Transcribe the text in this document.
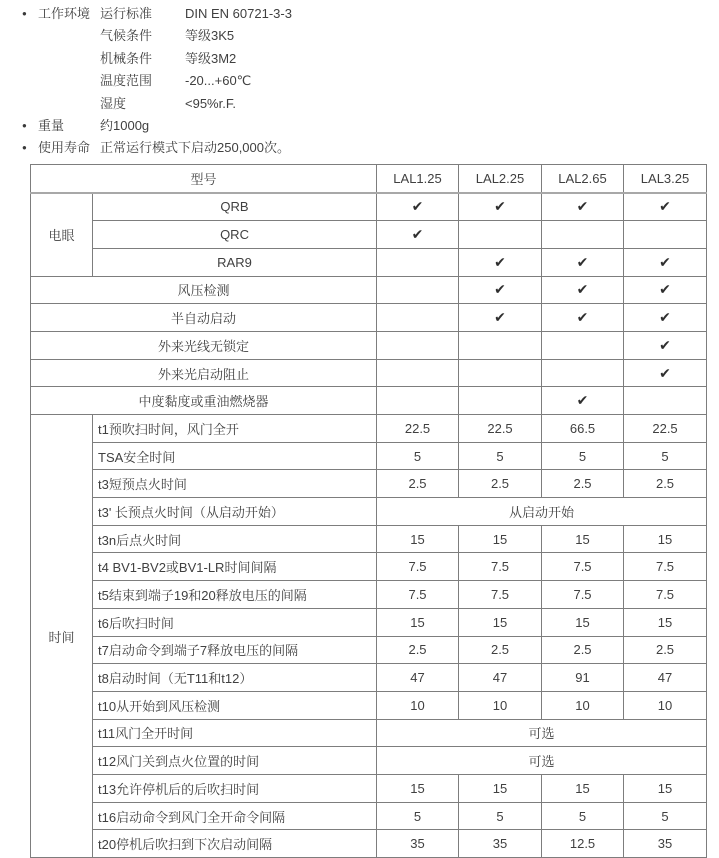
● 工作环境 运行标准	DIN EN 60721-3-3
气候条件	等级3K5
机械条件	等级3M2
温度范围	-20...+60℃
湿度	<95%r.F.
● 重量	约1000g
● 使用寿命 正常运行模式下启动250,000次。
型号		LAL1.25	LAL2.25	LAL2.65	LAL3.25
电眼	QRB	✔	✔	✔	✔
	QRC	✔			
	RAR9		✔	✔	✔
风压检测			✔	✔	✔
半自动启动			✔	✔	✔
外来光线无锁定					✔
外来光启动阻止					✔
中度黏度或重油燃烧器				✔	
时间	t1预吹扫时间，风门全开	22.5	22.5	66.5	22.5
	TSA安全时间	5	5	5	5
	t3短预点火时间	2.5	2.5	2.5	2.5
	t3' 长预点火时间（从启动开始）	从启动开始			
	t3n后点火时间	15	15	15	15
	t4 BV1-BV2或BV1-LR时间间隔	7.5	7.5	7.5	7.5
	t5结束到端子19和20释放电压的间隔	7.5	7.5	7.5	7.5
	t6后吹扫时间	15	15	15	15
	t7启动命令到端子7释放电压的间隔	2.5	2.5	2.5	2.5
	t8启动时间（无T11和t12）	47	47	91	47
	t10从开始到风压检测	10	10	10	10
	t11风门全开时间	可选			
	t12风门关到点火位置的时间	可选			
	t13允许停机后的后吹扫时间	15	15	15	15
	t16启动命令到风门全开命令间隔	5	5	5	5
	t20停机后吹扫到下次启动间隔	35	35	12.5	35
